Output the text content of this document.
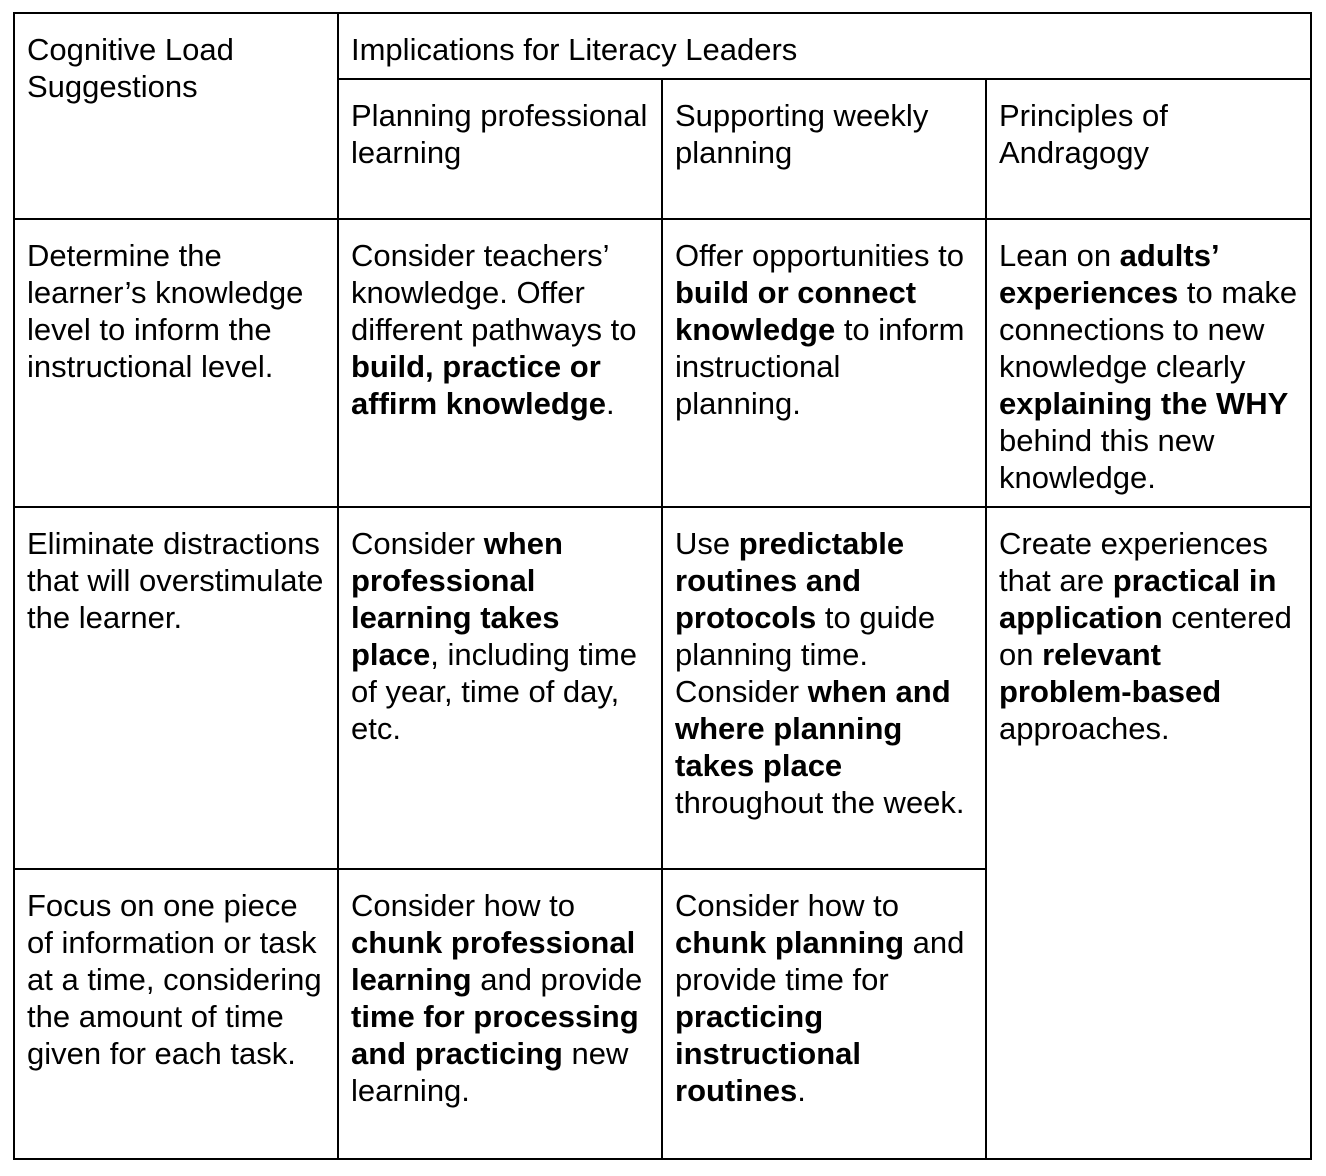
Cognitive Load Suggestions	Implications for Literacy Leaders		
	Planning professional learning	Supporting weekly planning	Principles of Andragogy
Determine the learner’s knowledge level to inform the instructional level.	Consider teachers’ knowledge. Offer different pathways to build, practice or affirm knowledge.	Offer opportunities to build or connect knowledge to inform instructional planning.	Lean on adults’ experiences to make connections to new knowledge clearly explaining the WHY behind this new knowledge.
Eliminate distractions that will overstimulate the learner.	Consider when professional learning takes place, including time of year, time of day, etc.	Use predictable routines and protocols to guide planning time. Consider when and where planning takes place throughout the week.	Create experiences that are practical in application centered on relevant problem-based approaches.
Focus on one piece of information or task at a time, considering the amount of time given for each task.	Consider how to chunk professional learning and provide time for processing and practicing new learning.	Consider how to chunk planning and provide time for practicing instructional routines.	
